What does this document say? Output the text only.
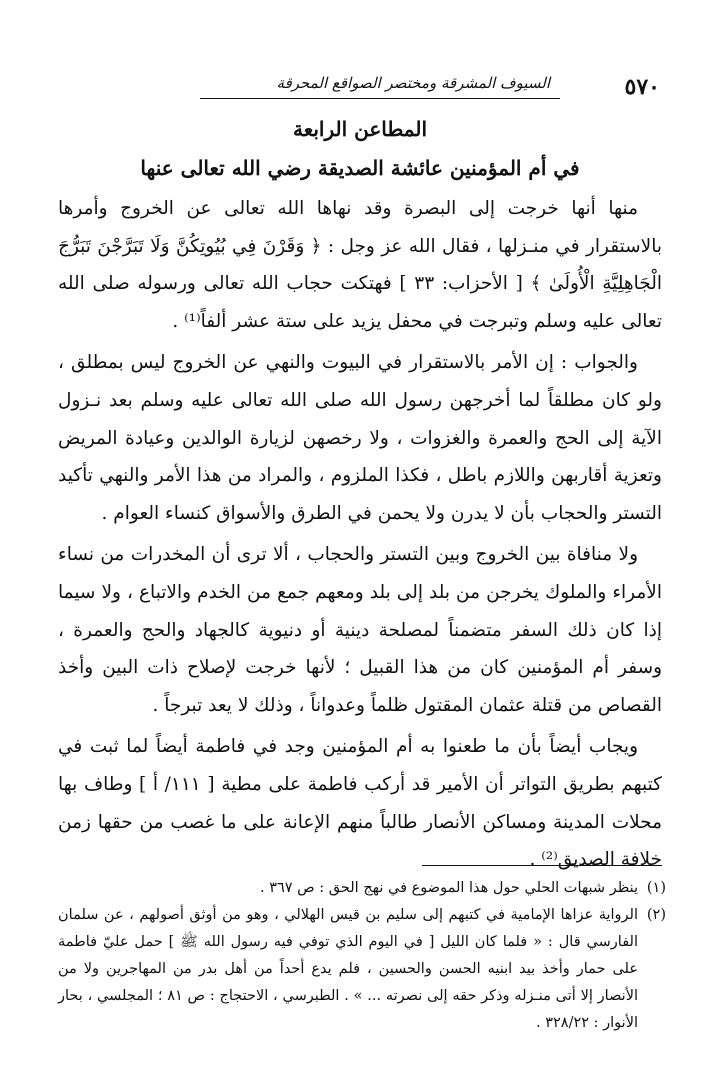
٥٧٠
السيوف المشرقة ومختصر الصواقع المحرقة
المطاعن الرابعة
في أم المؤمنين عائشة الصديقة رضي الله تعالى عنها

منها أنها خرجت إلى البصرة وقد نهاها الله تعالى عن الخروج وأمرها بالاستقرار في منـزلها ، فقال الله عز وجل : ﴿ وَقَرْنَ فِي بُيُوتِكُنَّ وَلَا تَبَرَّجْنَ تَبَرُّجَ الْجَاهِلِيَّةِ الْأُولَىٰ ﴾ [ الأحزاب: ٣٣ ] فهتكت حجاب الله تعالى ورسوله صلى الله تعالى عليه وسلم وتبرجت في محفل يزيد على ستة عشر ألفاً⁽¹⁾ .

والجواب : إن الأمر بالاستقرار في البيوت والنهي عن الخروج ليس بمطلق ، ولو كان مطلقاً لما أخرجهن رسول الله صلى الله تعالى عليه وسلم بعد نـزول الآية إلى الحج والعمرة والغزوات ، ولا رخصهن لزيارة الوالدين وعيادة المريض وتعزية أقاربهن واللازم باطل ، فكذا الملزوم ، والمراد من هذا الأمر والنهي تأكيد التستر والحجاب بأن لا يدرن ولا يحمن في الطرق والأسواق كنساء العوام .

ولا منافاة بين الخروج وبين التستر والحجاب ، ألا ترى أن المخدرات من نساء الأمراء والملوك يخرجن من بلد إلى بلد ومعهم جمع من الخدم والاتباع ، ولا سيما إذا كان ذلك السفر متضمناً لمصلحة دينية أو دنيوية كالجهاد والحج والعمرة ، وسفر أم المؤمنين كان من هذا القبيل ؛ لأنها خرجت لإصلاح ذات البين وأخذ القصاص من قتلة عثمان المقتول ظلماً وعدواناً ، وذلك لا يعد تبرجاً .

ويجاب أيضاً بأن ما طعنوا به أم المؤمنين وجد في فاطمة أيضاً لما ثبت في كتبهم بطريق التواتر أن الأمير قد أركب فاطمة على مطية [ ١١١/ أ ] وطاف بها محلات المدينة ومساكن الأنصار طالباً منهم الإعانة على ما غصب من حقها زمن خلافة الصديق⁽²⁾ .

(١)
ينظر شبهات الحلي حول هذا الموضوع في نهج الحق : ص ٣٦٧ .
(٢)
الرواية عزاها الإمامية في كتبهم إلى سليم بن قيس الهلالي ، وهو من أوثق أصولهم ، عن سلمان الفارسي قال : « فلما كان الليل [ في اليوم الذي توفي فيه رسول الله ﷺ ] حمل عليّ فاطمة على حمار وأخذ بيد ابنيه الحسن والحسين ، فلم يدع أحداً من أهل بدر من المهاجرين ولا من الأنصار إلا أتى منـزله وذكر حقه إلى نصرته ... » . الطبرسي ، الاحتجاج : ص ٨١ ؛ المجلسي ، بحار الأنوار : ٣٢٨/٢٢ .
